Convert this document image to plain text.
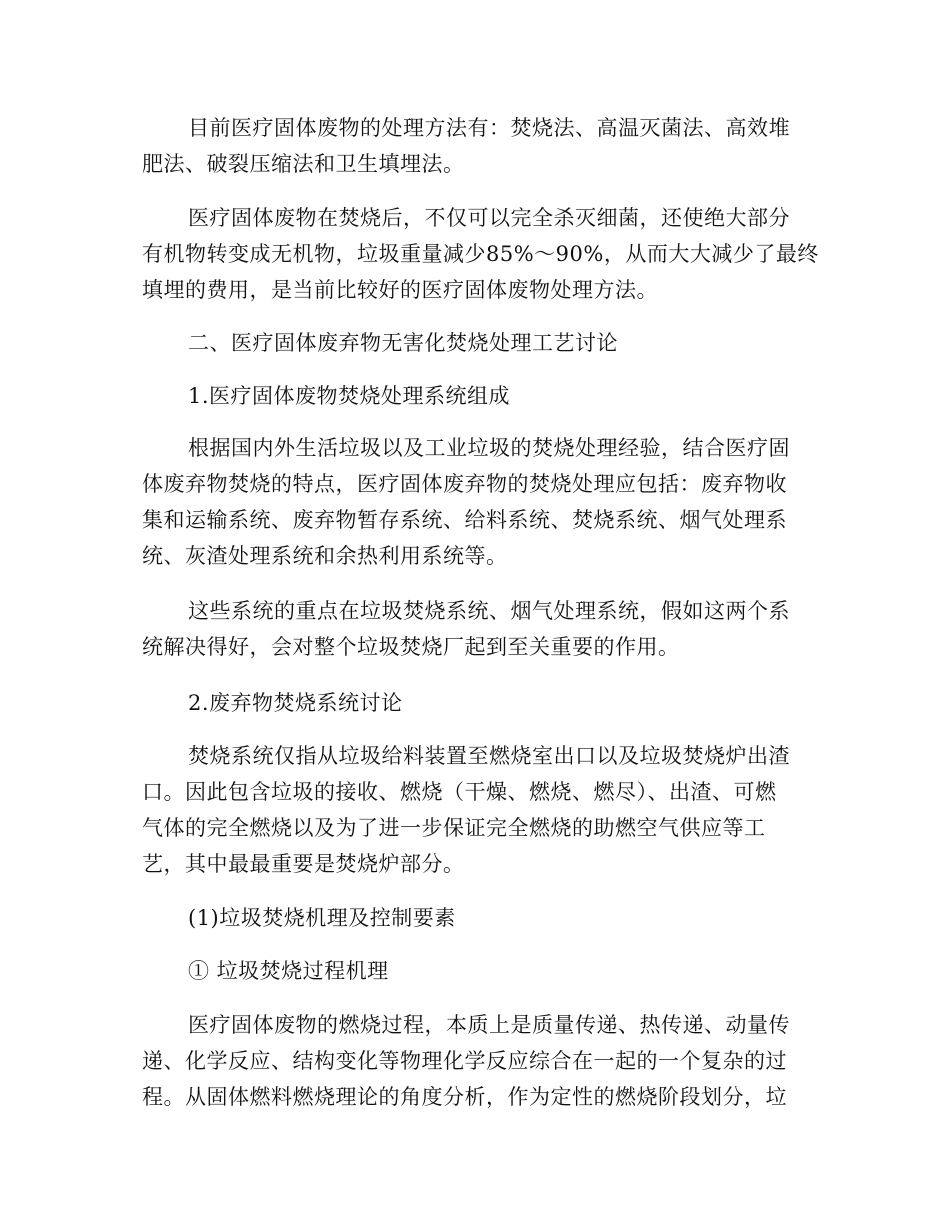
目前医疗固体废物的处理方法有：焚烧法、高温灭菌法、高效堆
肥法、破裂压缩法和卫生填埋法。
医疗固体废物在焚烧后，不仅可以完全杀灭细菌，还使绝大部分
有机物转变成无机物，垃圾重量减少85%～90%，从而大大减少了最终
填埋的费用，是当前比较好的医疗固体废物处理方法。
二、医疗固体废弃物无害化焚烧处理工艺讨论
1.医疗固体废物焚烧处理系统组成
根据国内外生活垃圾以及工业垃圾的焚烧处理经验，结合医疗固
体废弃物焚烧的特点，医疗固体废弃物的焚烧处理应包括：废弃物收
集和运输系统、废弃物暂存系统、给料系统、焚烧系统、烟气处理系
统、灰渣处理系统和余热利用系统等。
这些系统的重点在垃圾焚烧系统、烟气处理系统，假如这两个系
统解决得好，会对整个垃圾焚烧厂起到至关重要的作用。
2.废弃物焚烧系统讨论
焚烧系统仅指从垃圾给料装置至燃烧室出口以及垃圾焚烧炉出渣
口。因此包含垃圾的接收、燃烧（干燥、燃烧、燃尽）、出渣、可燃
气体的完全燃烧以及为了进一步保证完全燃烧的助燃空气供应等工
艺，其中最最重要是焚烧炉部分。
(1)垃圾焚烧机理及控制要素
① 垃圾焚烧过程机理
医疗固体废物的燃烧过程，本质上是质量传递、热传递、动量传
递、化学反应、结构变化等物理化学反应综合在一起的一个复杂的过
程。从固体燃料燃烧理论的角度分析，作为定性的燃烧阶段划分，垃
